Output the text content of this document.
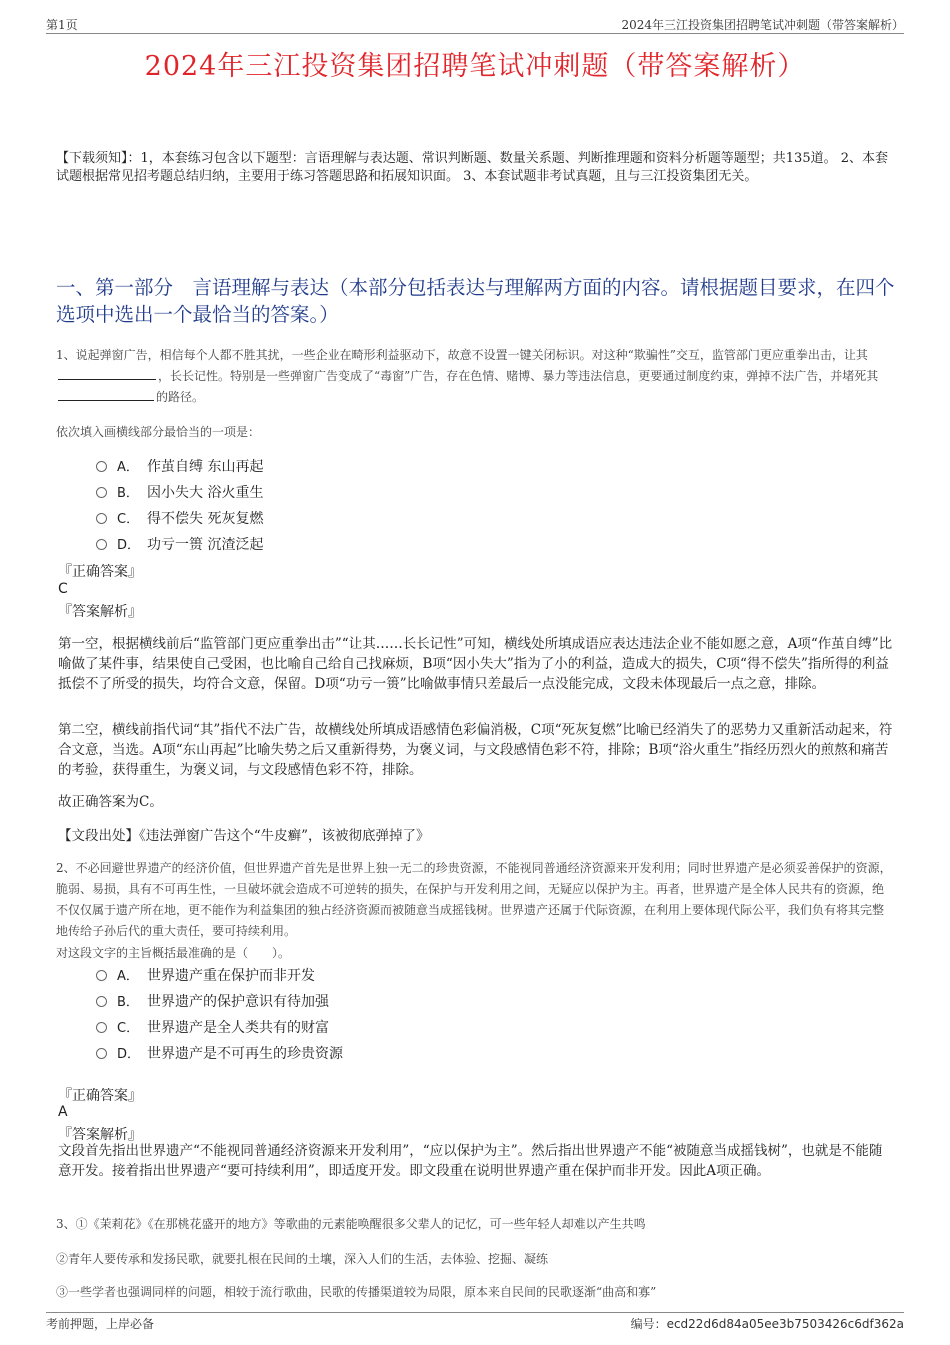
第1页	2024年三江投资集团招聘笔试冲刺题（带答案解析）
2024年三江投资集团招聘笔试冲刺题（带答案解析）
【下载须知】：1，本套练习包含以下题型：言语理解与表达题、常识判断题、数量关系题、判断推理题和资料分析题等题型；共135道。 2、本套试题根据常见招考题总结归纳，主要用于练习答题思路和拓展知识面。 3、本套试题非考试真题，且与三江投资集团无关。
一、第一部分　言语理解与表达（本部分包括表达与理解两方面的内容。请根据题目要求，在四个选项中选出一个最恰当的答案。）
1、说起弹窗广告，相信每个人都不胜其扰，一些企业在畸形利益驱动下，故意不设置一键关闭标识。对这种“欺骗性”交互，监管部门更应重拳出击，让其，长长记性。特别是一些弹窗广告变成了“毒窗”广告，存在色情、赌博、暴力等违法信息，更要通过制度约束，弹掉不法广告，并堵死其的路径。
依次填入画横线部分最恰当的一项是：
A． 作茧自缚 东山再起
B． 因小失大 浴火重生
C． 得不偿失 死灰复燃
D． 功亏一篑 沉渣泛起
『正确答案』
C
『答案解析』
第一空，根据横线前后“监管部门更应重拳出击”“让其……长长记性”可知，横线处所填成语应表达违法企业不能如愿之意，A项“作茧自缚”比喻做了某件事，结果使自己受困，也比喻自己给自己找麻烦，B项“因小失大”指为了小的利益，造成大的损失，C项“得不偿失”指所得的利益抵偿不了所受的损失，均符合文意，保留。D项“功亏一篑”比喻做事情只差最后一点没能完成，文段未体现最后一点之意，排除。
第二空，横线前指代词“其”指代不法广告，故横线处所填成语感情色彩偏消极，C项“死灰复燃”比喻已经消失了的恶势力又重新活动起来，符合文意，当选。A项“东山再起”比喻失势之后又重新得势，为褒义词，与文段感情色彩不符，排除；B项“浴火重生”指经历烈火的煎熬和痛苦的考验，获得重生，为褒义词，与文段感情色彩不符，排除。
故正确答案为C。
【文段出处】《违法弹窗广告这个“牛皮癣”，该被彻底弹掉了》
2、不必回避世界遗产的经济价值，但世界遗产首先是世界上独一无二的珍贵资源，不能视同普通经济资源来开发利用；同时世界遗产是必须妥善保护的资源，脆弱、易损，具有不可再生性，一旦破坏就会造成不可逆转的损失，在保护与开发利用之间，无疑应以保护为主。再者，世界遗产是全体人民共有的资源，绝不仅仅属于遗产所在地，更不能作为利益集团的独占经济资源而被随意当成摇钱树。世界遗产还属于代际资源，在利用上要体现代际公平，我们负有将其完整地传给子孙后代的重大责任，要可持续利用。
对这段文字的主旨概括最准确的是（　　）。
A． 世界遗产重在保护而非开发
B． 世界遗产的保护意识有待加强
C． 世界遗产是全人类共有的财富
D． 世界遗产是不可再生的珍贵资源
『正确答案』
A
『答案解析』
文段首先指出世界遗产“不能视同普通经济资源来开发利用”，“应以保护为主”。然后指出世界遗产不能“被随意当成摇钱树”，也就是不能随意开发。接着指出世界遗产“要可持续利用”，即适度开发。即文段重在说明世界遗产重在保护而非开发。因此A项正确。
3、①《茉莉花》《在那桃花盛开的地方》等歌曲的元素能唤醒很多父辈人的记忆，可一些年轻人却难以产生共鸣
②青年人要传承和发扬民歌，就要扎根在民间的土壤，深入人们的生活，去体验、挖掘、凝练
③一些学者也强调同样的问题，相较于流行歌曲，民歌的传播渠道较为局限，原本来自民间的民歌逐渐“曲高和寡”
考前押题，上岸必备	编号：ecd22d6d84a05ee3b7503426c6df362a
